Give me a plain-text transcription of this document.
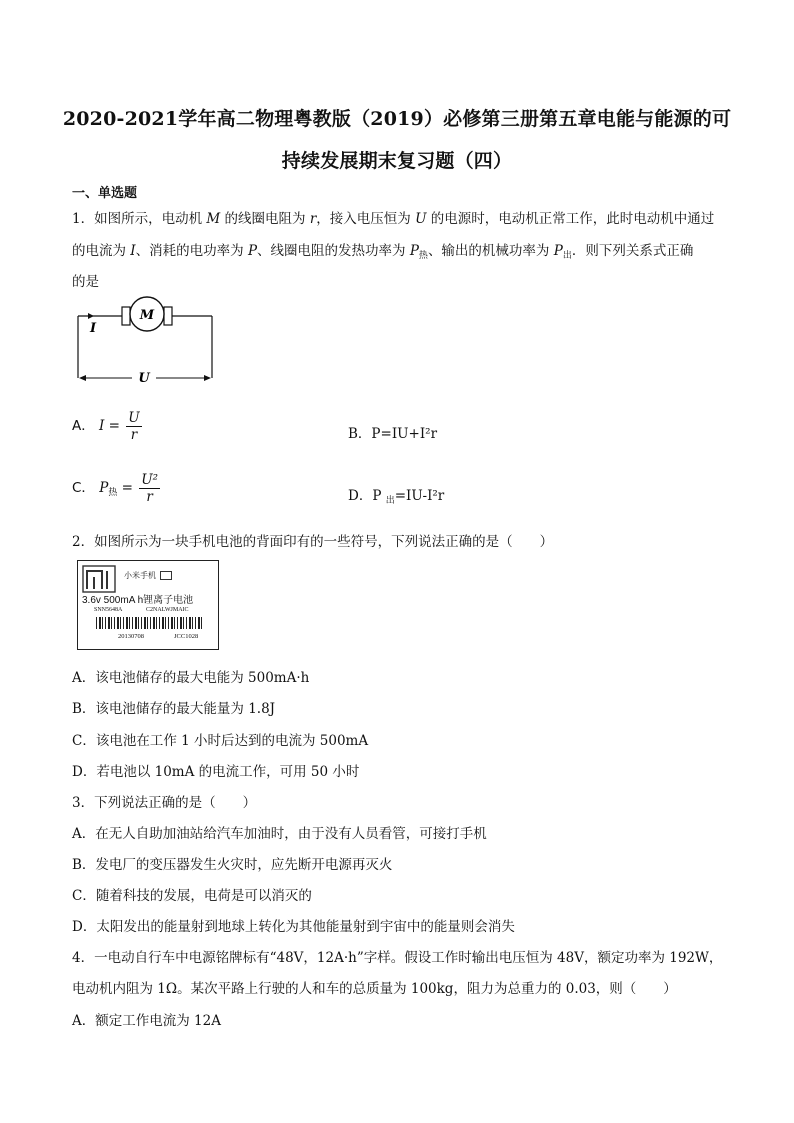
2020-2021学年高二物理粤教版（2019）必修第三册第五章电能与能源的可
持续发展期末复习题（四）
一、单选题
1．如图所示，电动机 M 的线圈电阻为 r，接入电压恒为 U 的电源时，电动机正常工作，此时电动机中通过
的电流为 I、消耗的电功率为 P、线圈电阻的发热功率为 $P_热$、输出的机械功率为 $P_出$．则下列关系式正确
的是
M
I
U
A． $I = \frac{U}{r}$	B．P=IU+I²r
C． $P_热 = \frac{\text{U²}}{r}$	D．P $_出$=IU-I²r
2．如图所示为一块手机电池的背面印有的一些符号，下列说法正确的是（　　）
小米手机
3.6v 500mA h锂离子电池
SNN5648A	C2NALWJMAIC
20130708	JCC1028
A．该电池储存的最大电能为 500mA·h
B．该电池储存的最大能量为 1.8J
C．该电池在工作 1 小时后达到的电流为 500mA
D．若电池以 10mA 的电流工作，可用 50 小时
3．下列说法正确的是（　　）
A．在无人自助加油站给汽车加油时，由于没有人员看管，可接打手机
B．发电厂的变压器发生火灾时，应先断开电源再灭火
C．随着科技的发展，电荷是可以消灭的
D．太阳发出的能量射到地球上转化为其他能量射到宇宙中的能量则会消失
4．一电动自行车中电源铭牌标有“48V，12A·h”字样。假设工作时输出电压恒为 48V，额定功率为 192W，
电动机内阻为 1Ω。某次平路上行驶的人和车的总质量为 100kg，阻力为总重力的 0.03，则（　　）
A．额定工作电流为 12A
